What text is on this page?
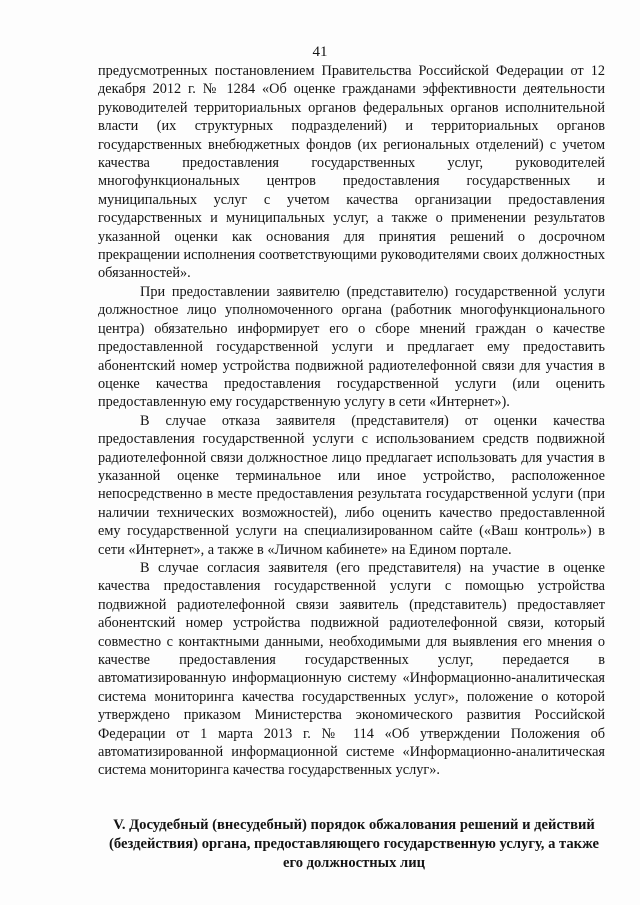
41

предусмотренных постановлением Правительства Российской Федерации от 12 декабря 2012 г. № 1284 «Об оценке гражданами эффективности деятельности руководителей территориальных органов федеральных органов исполнительной власти (их структурных подразделений) и территориальных органов государственных внебюджетных фондов (их региональных отделений) с учетом качества предоставления государственных услуг, руководителей многофункциональных центров предоставления государственных и муниципальных услуг с учетом качества организации предоставления государственных и муниципальных услуг, а также о применении результатов указанной оценки как основания для принятия решений о досрочном прекращении исполнения соответствующими руководителями своих должностных обязанностей».

При предоставлении заявителю (представителю) государственной услуги должностное лицо уполномоченного органа (работник многофункционального центра) обязательно информирует его о сборе мнений граждан о качестве предоставленной государственной услуги и предлагает ему предоставить абонентский номер устройства подвижной радиотелефонной связи для участия в оценке качества предоставления государственной услуги (или оценить предоставленную ему государственную услугу в сети «Интернет»).

В случае отказа заявителя (представителя) от оценки качества предоставления государственной услуги с использованием средств подвижной радиотелефонной связи должностное лицо предлагает использовать для участия в указанной оценке терминальное или иное устройство, расположенное непосредственно в месте предоставления результата государственной услуги (при наличии технических возможностей), либо оценить качество предоставленной ему государственной услуги на специализированном сайте («Ваш контроль») в сети «Интернет», а также в «Личном кабинете» на Едином портале.

В случае согласия заявителя (его представителя) на участие в оценке качества предоставления государственной услуги с помощью устройства подвижной радиотелефонной связи заявитель (представитель) предоставляет абонентский номер устройства подвижной радиотелефонной связи, который совместно с контактными данными, необходимыми для выявления его мнения о качестве предоставления государственных услуг, передается в автоматизированную информационную систему «Информационно-аналитическая система мониторинга качества государственных услуг», положение о которой утверждено приказом Министерства экономического развития Российской Федерации от 1 марта 2013 г. № 114 «Об утверждении Положения об автоматизированной информационной системе «Информационно-аналитическая система мониторинга качества государственных услуг».

V. Досудебный (внесудебный) порядок обжалования решений и действий (бездействия) органа, предоставляющего государственную услугу, а также его должностных лиц
